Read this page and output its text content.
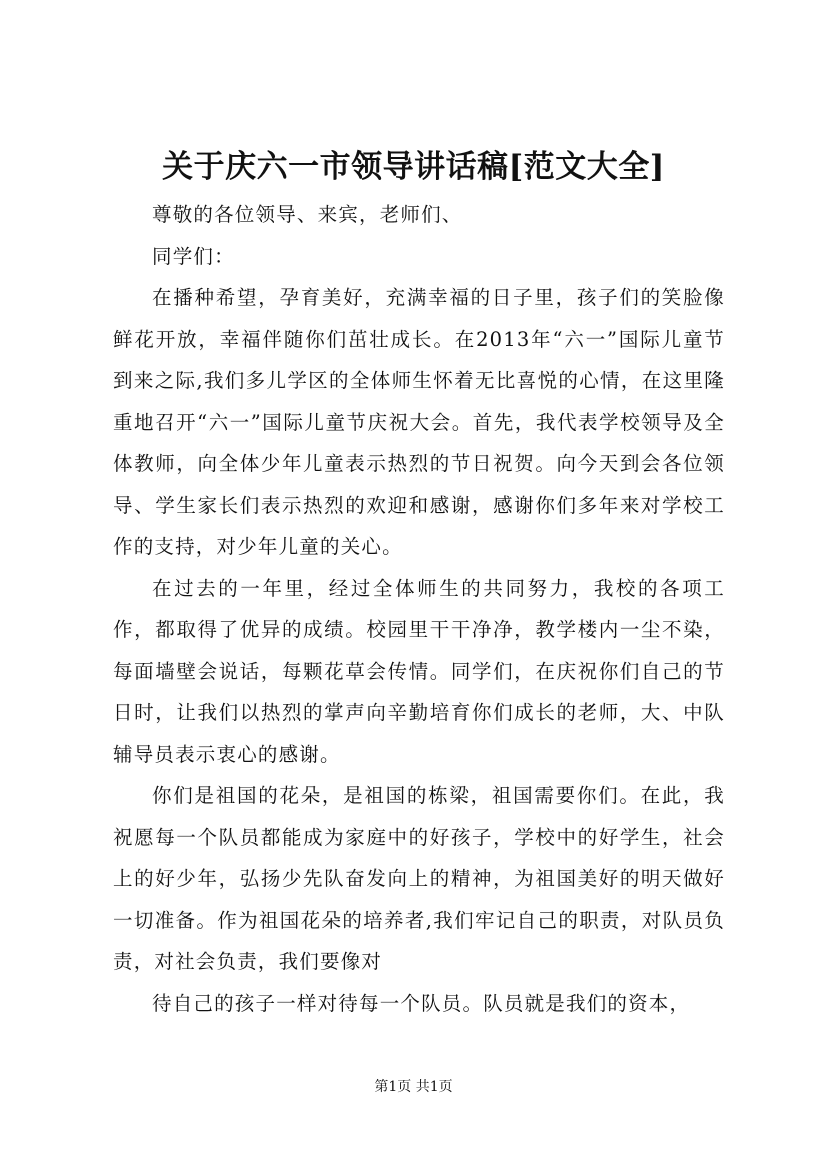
关于庆六一市领导讲话稿[范文大全]

尊敬的各位领导、来宾，老师们、

同学们：

在播种希望，孕育美好，充满幸福的日子里，孩子们的笑脸像鲜花开放，幸福伴随你们茁壮成长。在2013年“六一”国际儿童节到来之际,我们多儿学区的全体师生怀着无比喜悦的心情，在这里隆重地召开“六一”国际儿童节庆祝大会。首先，我代表学校领导及全体教师，向全体少年儿童表示热烈的节日祝贺。向今天到会各位领导、学生家长们表示热烈的欢迎和感谢，感谢你们多年来对学校工作的支持，对少年儿童的关心。

在过去的一年里，经过全体师生的共同努力，我校的各项工作，都取得了优异的成绩。校园里干干净净，教学楼内一尘不染，每面墙壁会说话，每颗花草会传情。同学们，在庆祝你们自己的节日时，让我们以热烈的掌声向辛勤培育你们成长的老师，大、中队辅导员表示衷心的感谢。

你们是祖国的花朵，是祖国的栋梁，祖国需要你们。在此，我祝愿每一个队员都能成为家庭中的好孩子，学校中的好学生，社会上的好少年，弘扬少先队奋发向上的精神，为祖国美好的明天做好一切准备。作为祖国花朵的培养者,我们牢记自己的职责，对队员负责，对社会负责，我们要像对

待自己的孩子一样对待每一个队员。队员就是我们的资本，

第1页 共1页
